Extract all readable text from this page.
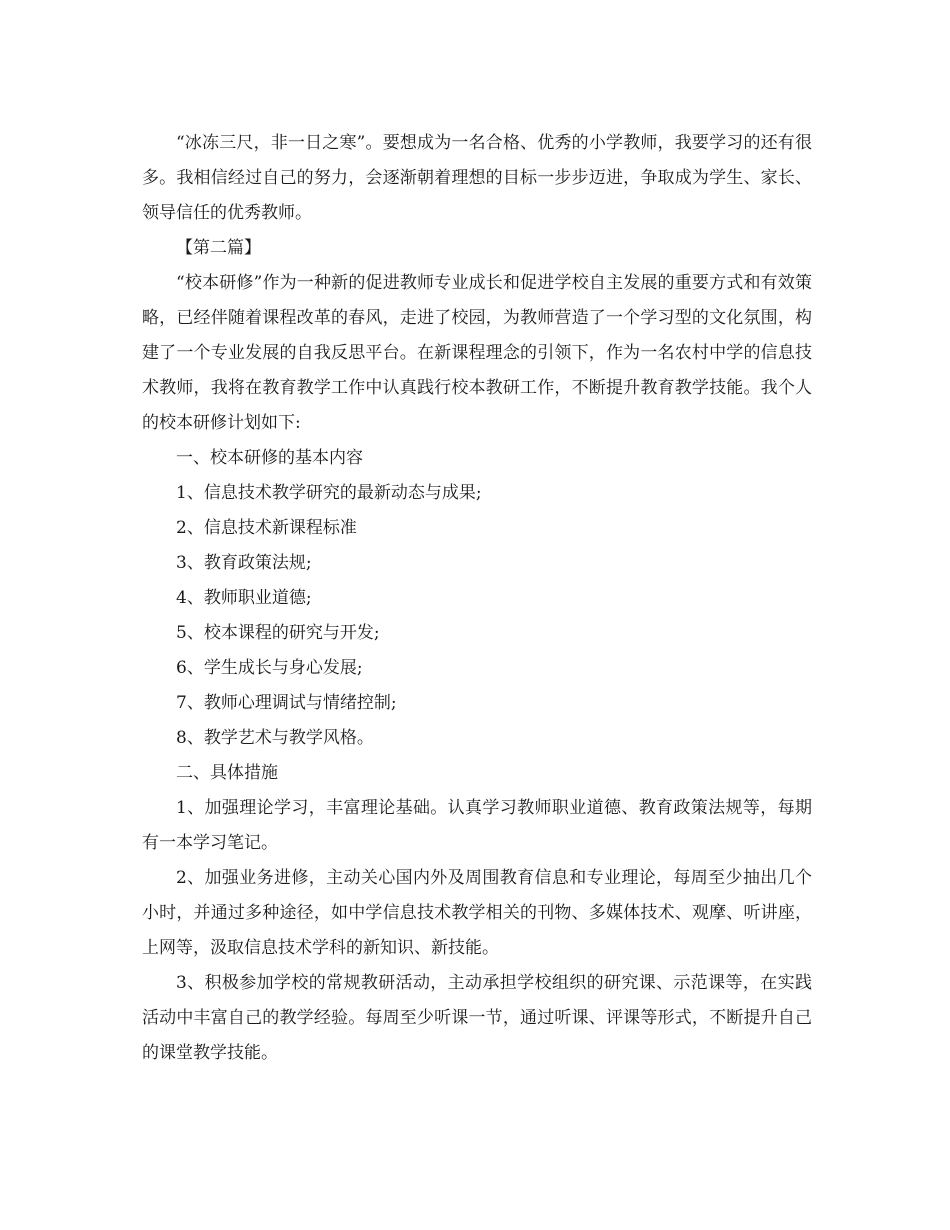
“冰冻三尺，非一日之寒”。要想成为一名合格、优秀的小学教师，我要学习的还有很多。我相信经过自己的努力，会逐渐朝着理想的目标一步步迈进，争取成为学生、家长、领导信任的优秀教师。

【第二篇】

“校本研修”作为一种新的促进教师专业成长和促进学校自主发展的重要方式和有效策略，已经伴随着课程改革的春风，走进了校园，为教师营造了一个学习型的文化氛围，构建了一个专业发展的自我反思平台。在新课程理念的引领下，作为一名农村中学的信息技术教师，我将在教育教学工作中认真践行校本教研工作，不断提升教育教学技能。我个人的校本研修计划如下:

一、校本研修的基本内容

1、信息技术教学研究的最新动态与成果;

2、信息技术新课程标准

3、教育政策法规;

4、教师职业道德;

5、校本课程的研究与开发;

6、学生成长与身心发展;

7、教师心理调试与情绪控制;

8、教学艺术与教学风格。

二、具体措施

1、加强理论学习，丰富理论基础。认真学习教师职业道德、教育政策法规等，每期有一本学习笔记。

2、加强业务进修，主动关心国内外及周围教育信息和专业理论，每周至少抽出几个小时，并通过多种途径，如中学信息技术教学相关的刊物、多媒体技术、观摩、听讲座，上网等，汲取信息技术学科的新知识、新技能。

3、积极参加学校的常规教研活动，主动承担学校组织的研究课、示范课等，在实践活动中丰富自己的教学经验。每周至少听课一节，通过听课、评课等形式，不断提升自己的课堂教学技能。
